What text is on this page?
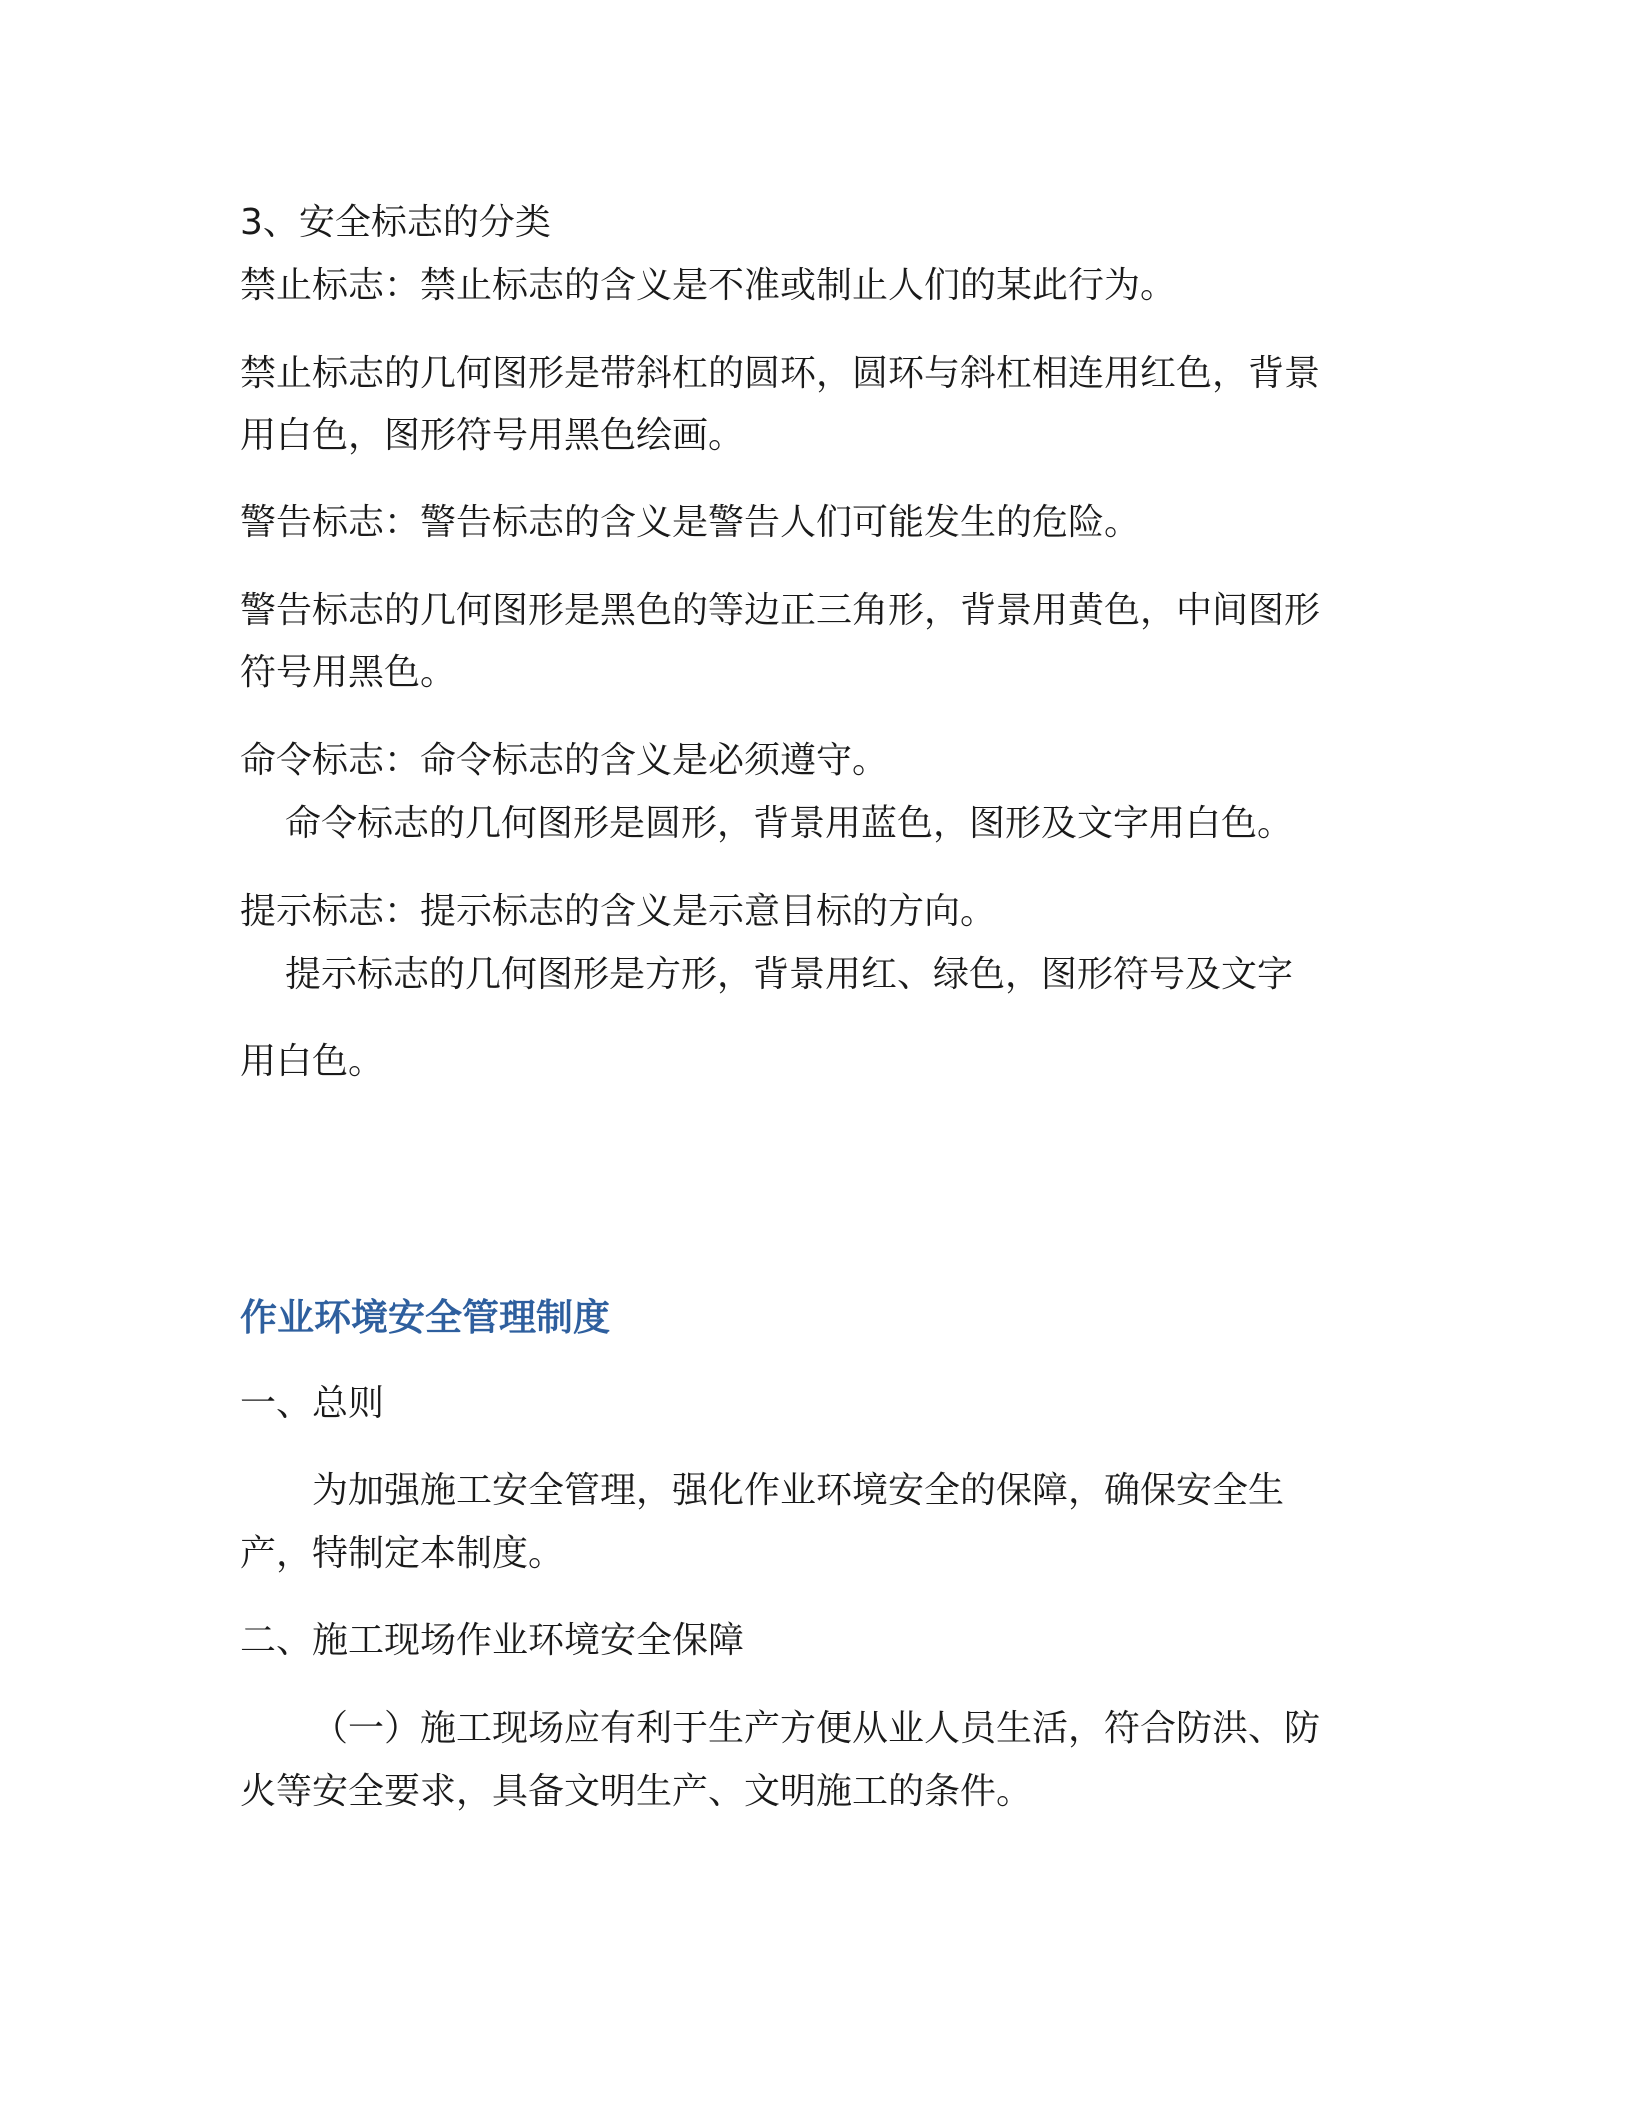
3、安全标志的分类

禁止标志：禁止标志的含义是不准或制止人们的某此行为。

禁止标志的几何图形是带斜杠的圆环，圆环与斜杠相连用红色，背景

用白色，图形符号用黑色绘画。

警告标志：警告标志的含义是警告人们可能发生的危险。

警告标志的几何图形是黑色的等边正三角形，背景用黄色，中间图形

符号用黑色。

命令标志：命令标志的含义是必须遵守。

命令标志的几何图形是圆形，背景用蓝色，图形及文字用白色。

提示标志：提示标志的含义是示意目标的方向。

提示标志的几何图形是方形，背景用红、绿色，图形符号及文字

用白色。

作业环境安全管理制度

一、总则

为加强施工安全管理，强化作业环境安全的保障，确保安全生

产，特制定本制度。

二、施工现场作业环境安全保障

（一）施工现场应有利于生产方便从业人员生活，符合防洪、防

火等安全要求，具备文明生产、文明施工的条件。
